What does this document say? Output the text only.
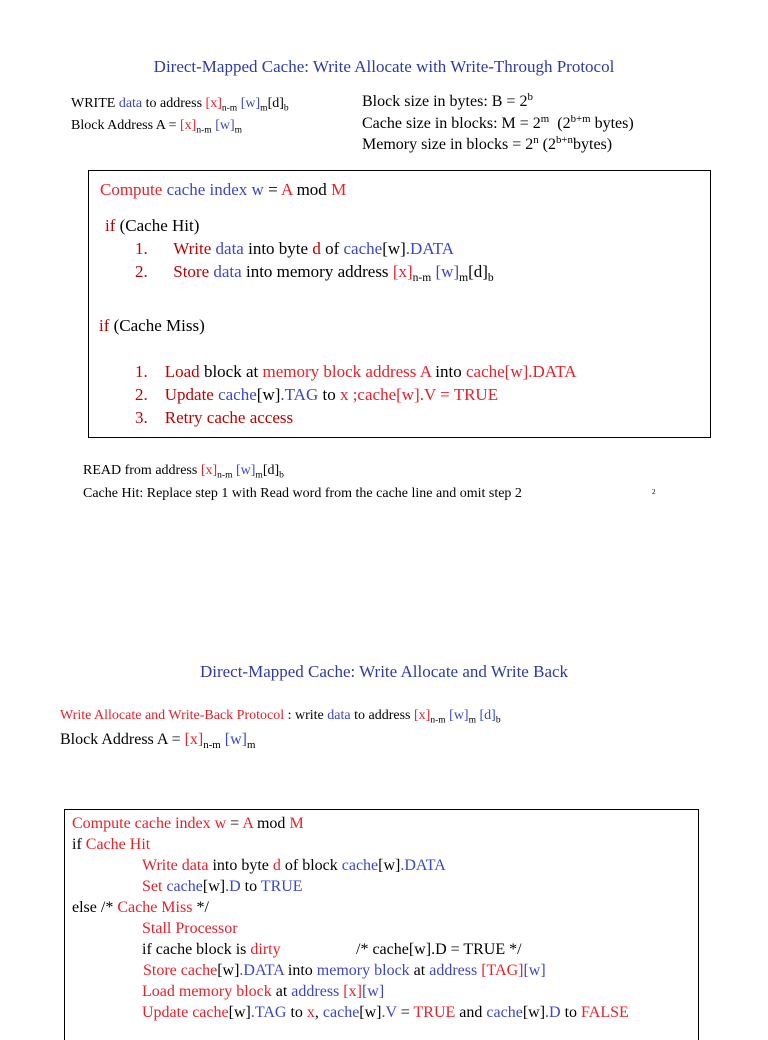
Direct-Mapped Cache: Write Allocate with Write-Through Protocol
WRITE data to address $[x]_{n-m}$ $[w]_m[d]_b$
Block Address $A = [x]_{n-m}$ $[w]_m$
Block size in bytes: $B = 2^b$
Cache size in blocks: $M = 2^m$  ($2^{b+m}$ bytes)
Memory size in blocks = $2^n$ $(2^{b+n}bytes)$
Compute cache index w = A mod M
if (Cache Hit)
1. Write data into byte d of cache[w].DATA
2. Store data into memory address $[x]_{n-m}$ $[w]_m[d]_b$
if (Cache Miss)
1. Load block at memory block address A into cache[w].DATA
2. Update cache[w].TAG to x ;cache[w].V = TRUE
3. Retry cache access
READ from address $[x]_{n-m}$ $[w]_m[d]_b$
Cache Hit: Replace step 1 with Read word from the cache line and omit step 2	2
Direct-Mapped Cache: Write Allocate and Write Back
Write Allocate and Write-Back Protocol : write data to address $[x]_{n-m}$ $[w]_m$ $[d]_b$
Block Address $A = [x]_{n-m}$ $[w]_m$
Compute cache index w = A mod M
if Cache Hit
Write data into byte d of block cache[w].DATA
Set cache[w].D to TRUE
else /* Cache Miss */
Stall Processor
if cache block is dirty	/* cache[w].D = TRUE */
Store cache[w].DATA into memory block at address [TAG][w]
Load memory block at address [x][w]
Update cache[w].TAG to x, cache[w].V = TRUE and cache[w].D to FALSE
